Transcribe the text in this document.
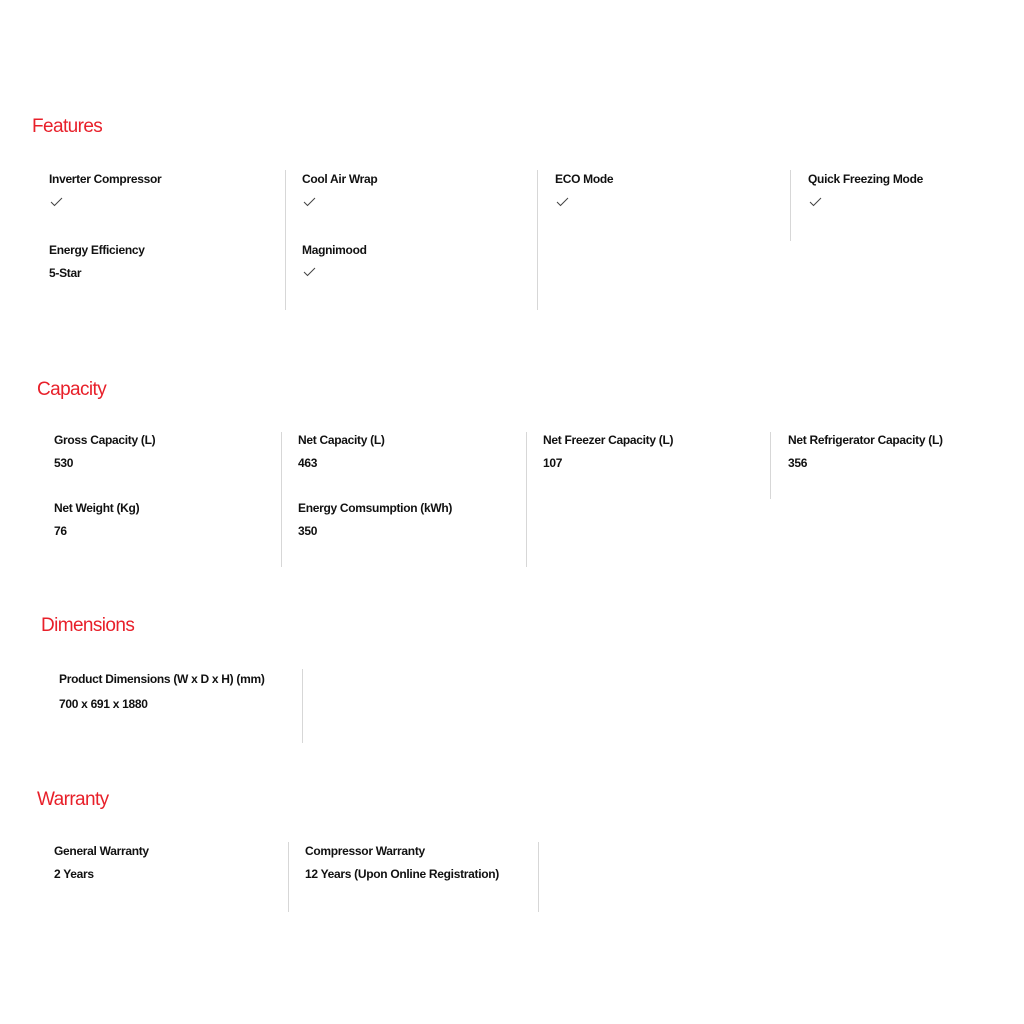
Features
Inverter Compressor
Energy Efficiency
5-Star
Cool Air Wrap
Magnimood
ECO Mode	Quick Freezing Mode
Capacity
Gross Capacity (L)
530
Net Weight (Kg)
76
Net Capacity (L)
463
Energy Comsumption (kWh)
350
Net Freezer Capacity (L)
107
Net Refrigerator Capacity (L)
356
Dimensions
Product Dimensions (W x D x H) (mm)
700 x 691 x 1880
Warranty
General Warranty
2 Years
Compressor Warranty
12 Years (Upon Online Registration)
